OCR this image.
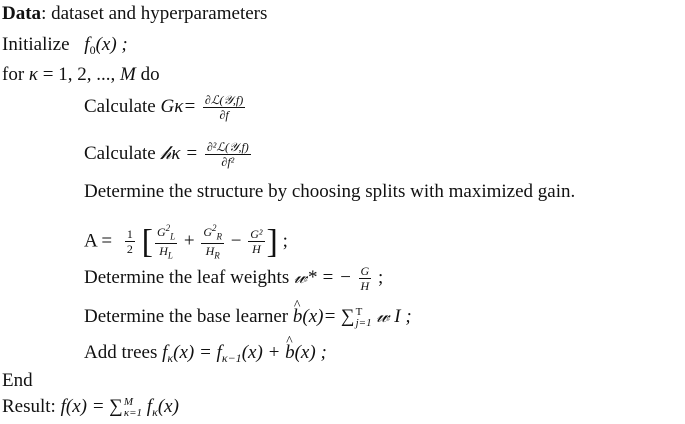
Data: dataset and hyperparameters
Initialize $f_0(x)$ ;
for κ = 1, 2, ..., M do
Calculate $G\kappa= \frac{\text{∂ℒ(𝒴,f)}}{\partial f}$
Calculate 𝒽κ = $\frac{\text{∂²ℒ(𝒴,f)}}{\text{∂f²}}$
Determine the structure by choosing splits with maximized gain.
$A = \frac{1}{2}$ [ $\frac{G^2_L}{H_L} + \frac{G^2_R}{H_R} - \frac{\text{G²}}{H}$ ] ;
Determine the leaf weights 𝓌* = − $\frac{G}{H}$ ;
Determine the base learner ^ b(x)= ∑ T
j=1 𝓌 I ;
Add trees $f_\kappa(x) = f_{\kappa-1}(x)$ + ^ b(x) ;
End
Result: f(x) = ∑ M
κ=1 $f_\kappa(x)$
